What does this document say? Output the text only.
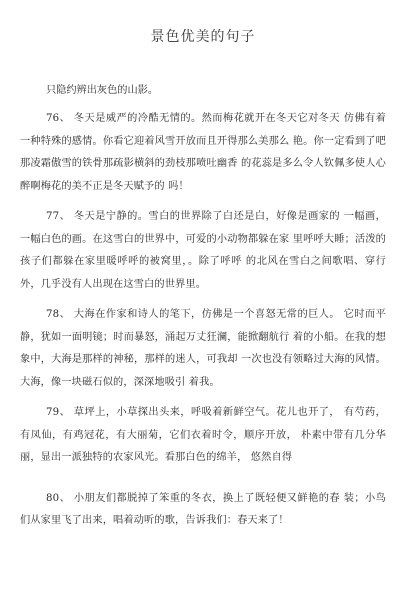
景色优美的句子

只隐约辨出灰色的山影。

76、 冬天是威严的冷酷无情的。然而梅花就开在冬天它对冬天 仿佛有着一种特殊的感情。你看它迎着风雪开放而且开得那么美那么 艳。你一定看到了吧那凌霜傲雪的铁骨那疏影横斜的劲枝那喷吐幽香 的花蕊是多么令人钦佩多使人心醉啊梅花的美不正是冬天赋予的 吗！

77、 冬天是宁静的。雪白的世界除了白还是白，好像是画家的 一幅画，一幅白色的画。在这雪白的世界中，可爱的小动物都躲在家 里呼呼大睡；活泼的孩子们都躲在家里暖呼呼的被窝里，。除了呼呼 的北风在雪白之间歌唱、穿行外，几乎没有人出现在这雪白的世界里。

78、 大海在作家和诗人的笔下，仿佛是一个喜怒无常的巨人。 它时而平静，犹如一面明镜；时而暴怒，涌起万丈狂澜，能掀翻航行 着的小船。在我的想象中，大海是那样的神秘，那样的迷人，可我却 一次也没有领略过大海的风情。大海，像一块磁石似的，深深地吸引 着我。

79、 草坪上，小草探出头来，呼吸着新鲜空气。花儿也开了， 有芍药，有凤仙，有鸡冠花，有大丽菊，它们衣着时令，顺序开放， 朴素中带有几分华丽，显出一派独特的农家风光。看那白色的绵羊， 悠然自得

80、 小朋友们都脱掉了笨重的冬衣，换上了既轻便又鲜艳的春 装；小鸟们从家里飞了出来，唱着动听的歌，告诉我们：春天来了！
